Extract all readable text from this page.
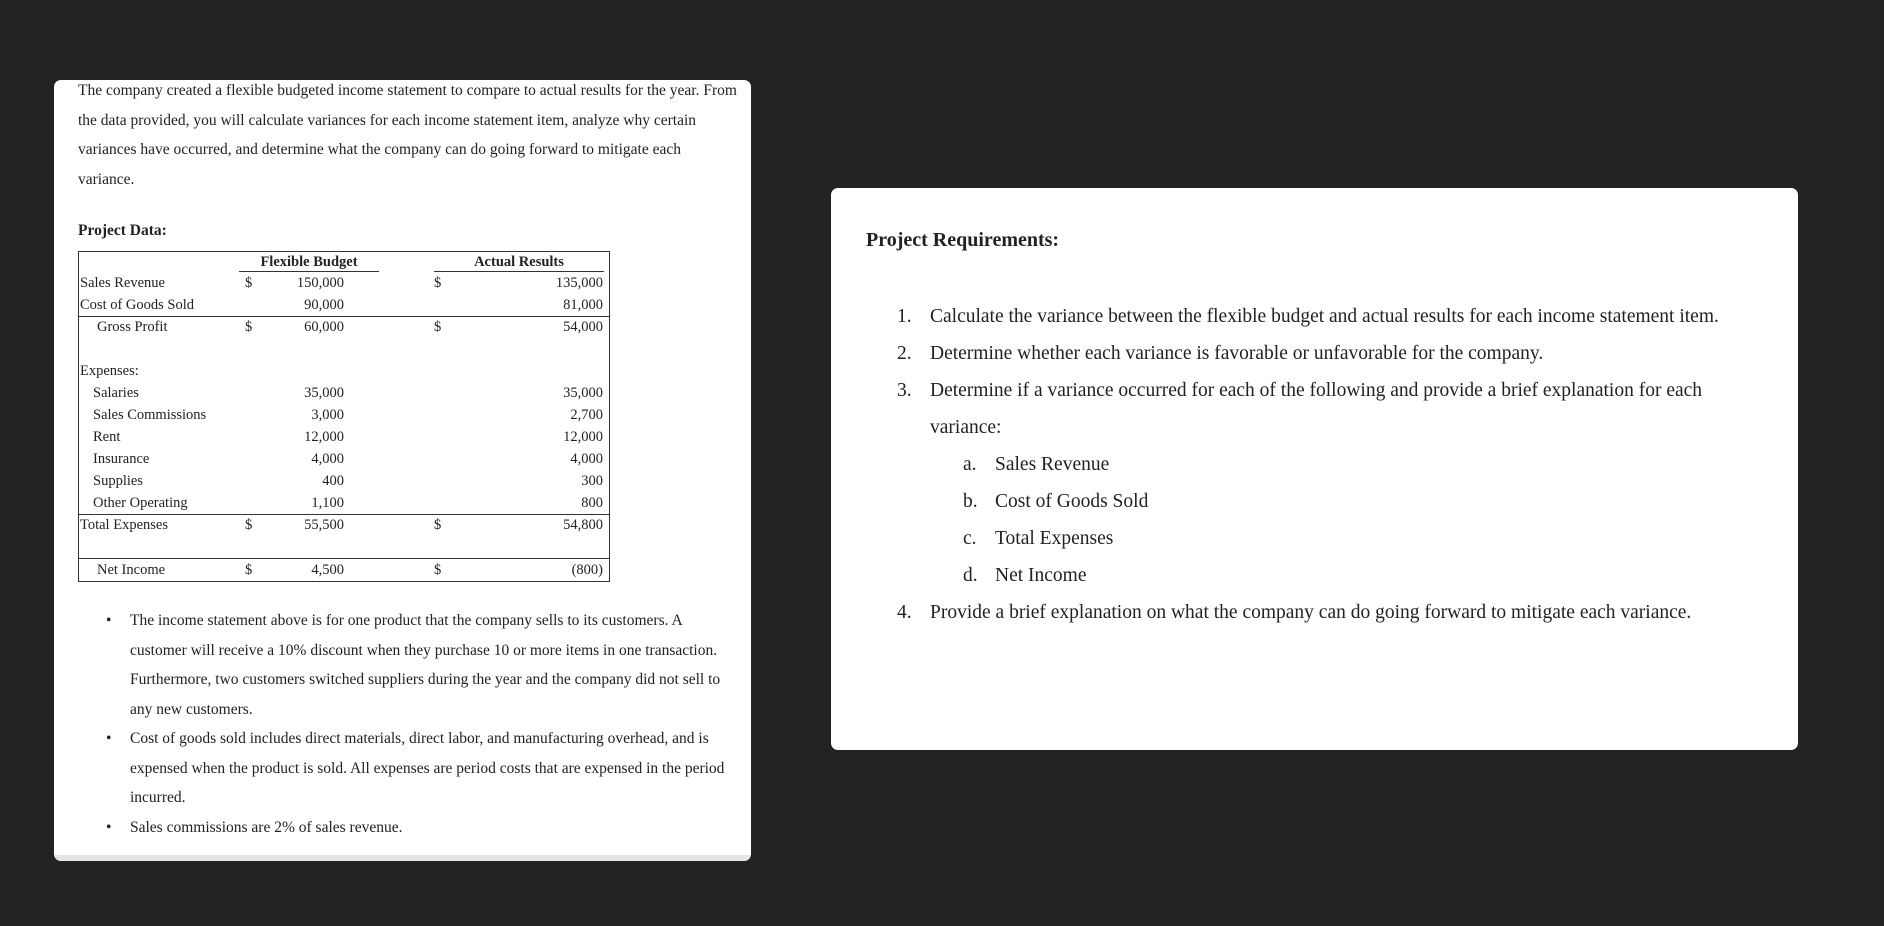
The company created a flexible budgeted income statement to compare to actual results for the year. From the data provided, you will calculate variances for each income statement item, analyze why certain variances have occurred, and determine what the company can do going forward to mitigate each variance.

Project Data:

Flexible Budget	Actual Results
Sales Revenue	$	150,000	$	135,000
Cost of Goods Sold	90,000	81,000
Gross Profit	$	60,000	$	54,000
Expenses:
Salaries	35,000	35,000
Sales Commissions	3,000	2,700
Rent	12,000	12,000
Insurance	4,000	4,000
Supplies	400	300
Other Operating	1,100	800
Total Expenses	$	55,500	$	54,800
Net Income	$	4,500	$	(800)
• The income statement above is for one product that the company sells to its customers. A customer will receive a 10% discount when they purchase 10 or more items in one transaction. Furthermore, two customers switched suppliers during the year and the company did not sell to any new customers.
• Cost of goods sold includes direct materials, direct labor, and manufacturing overhead, and is expensed when the product is sold. All expenses are period costs that are expensed in the period incurred.
• Sales commissions are 2% of sales revenue.

Project Requirements:

1. Calculate the variance between the flexible budget and actual results for each income statement item.
2. Determine whether each variance is favorable or unfavorable for the company.
3. Determine if a variance occurred for each of the following and provide a brief explanation for each variance:
a. Sales Revenue
b. Cost of Goods Sold
c. Total Expenses
d. Net Income
4. Provide a brief explanation on what the company can do going forward to mitigate each variance.
